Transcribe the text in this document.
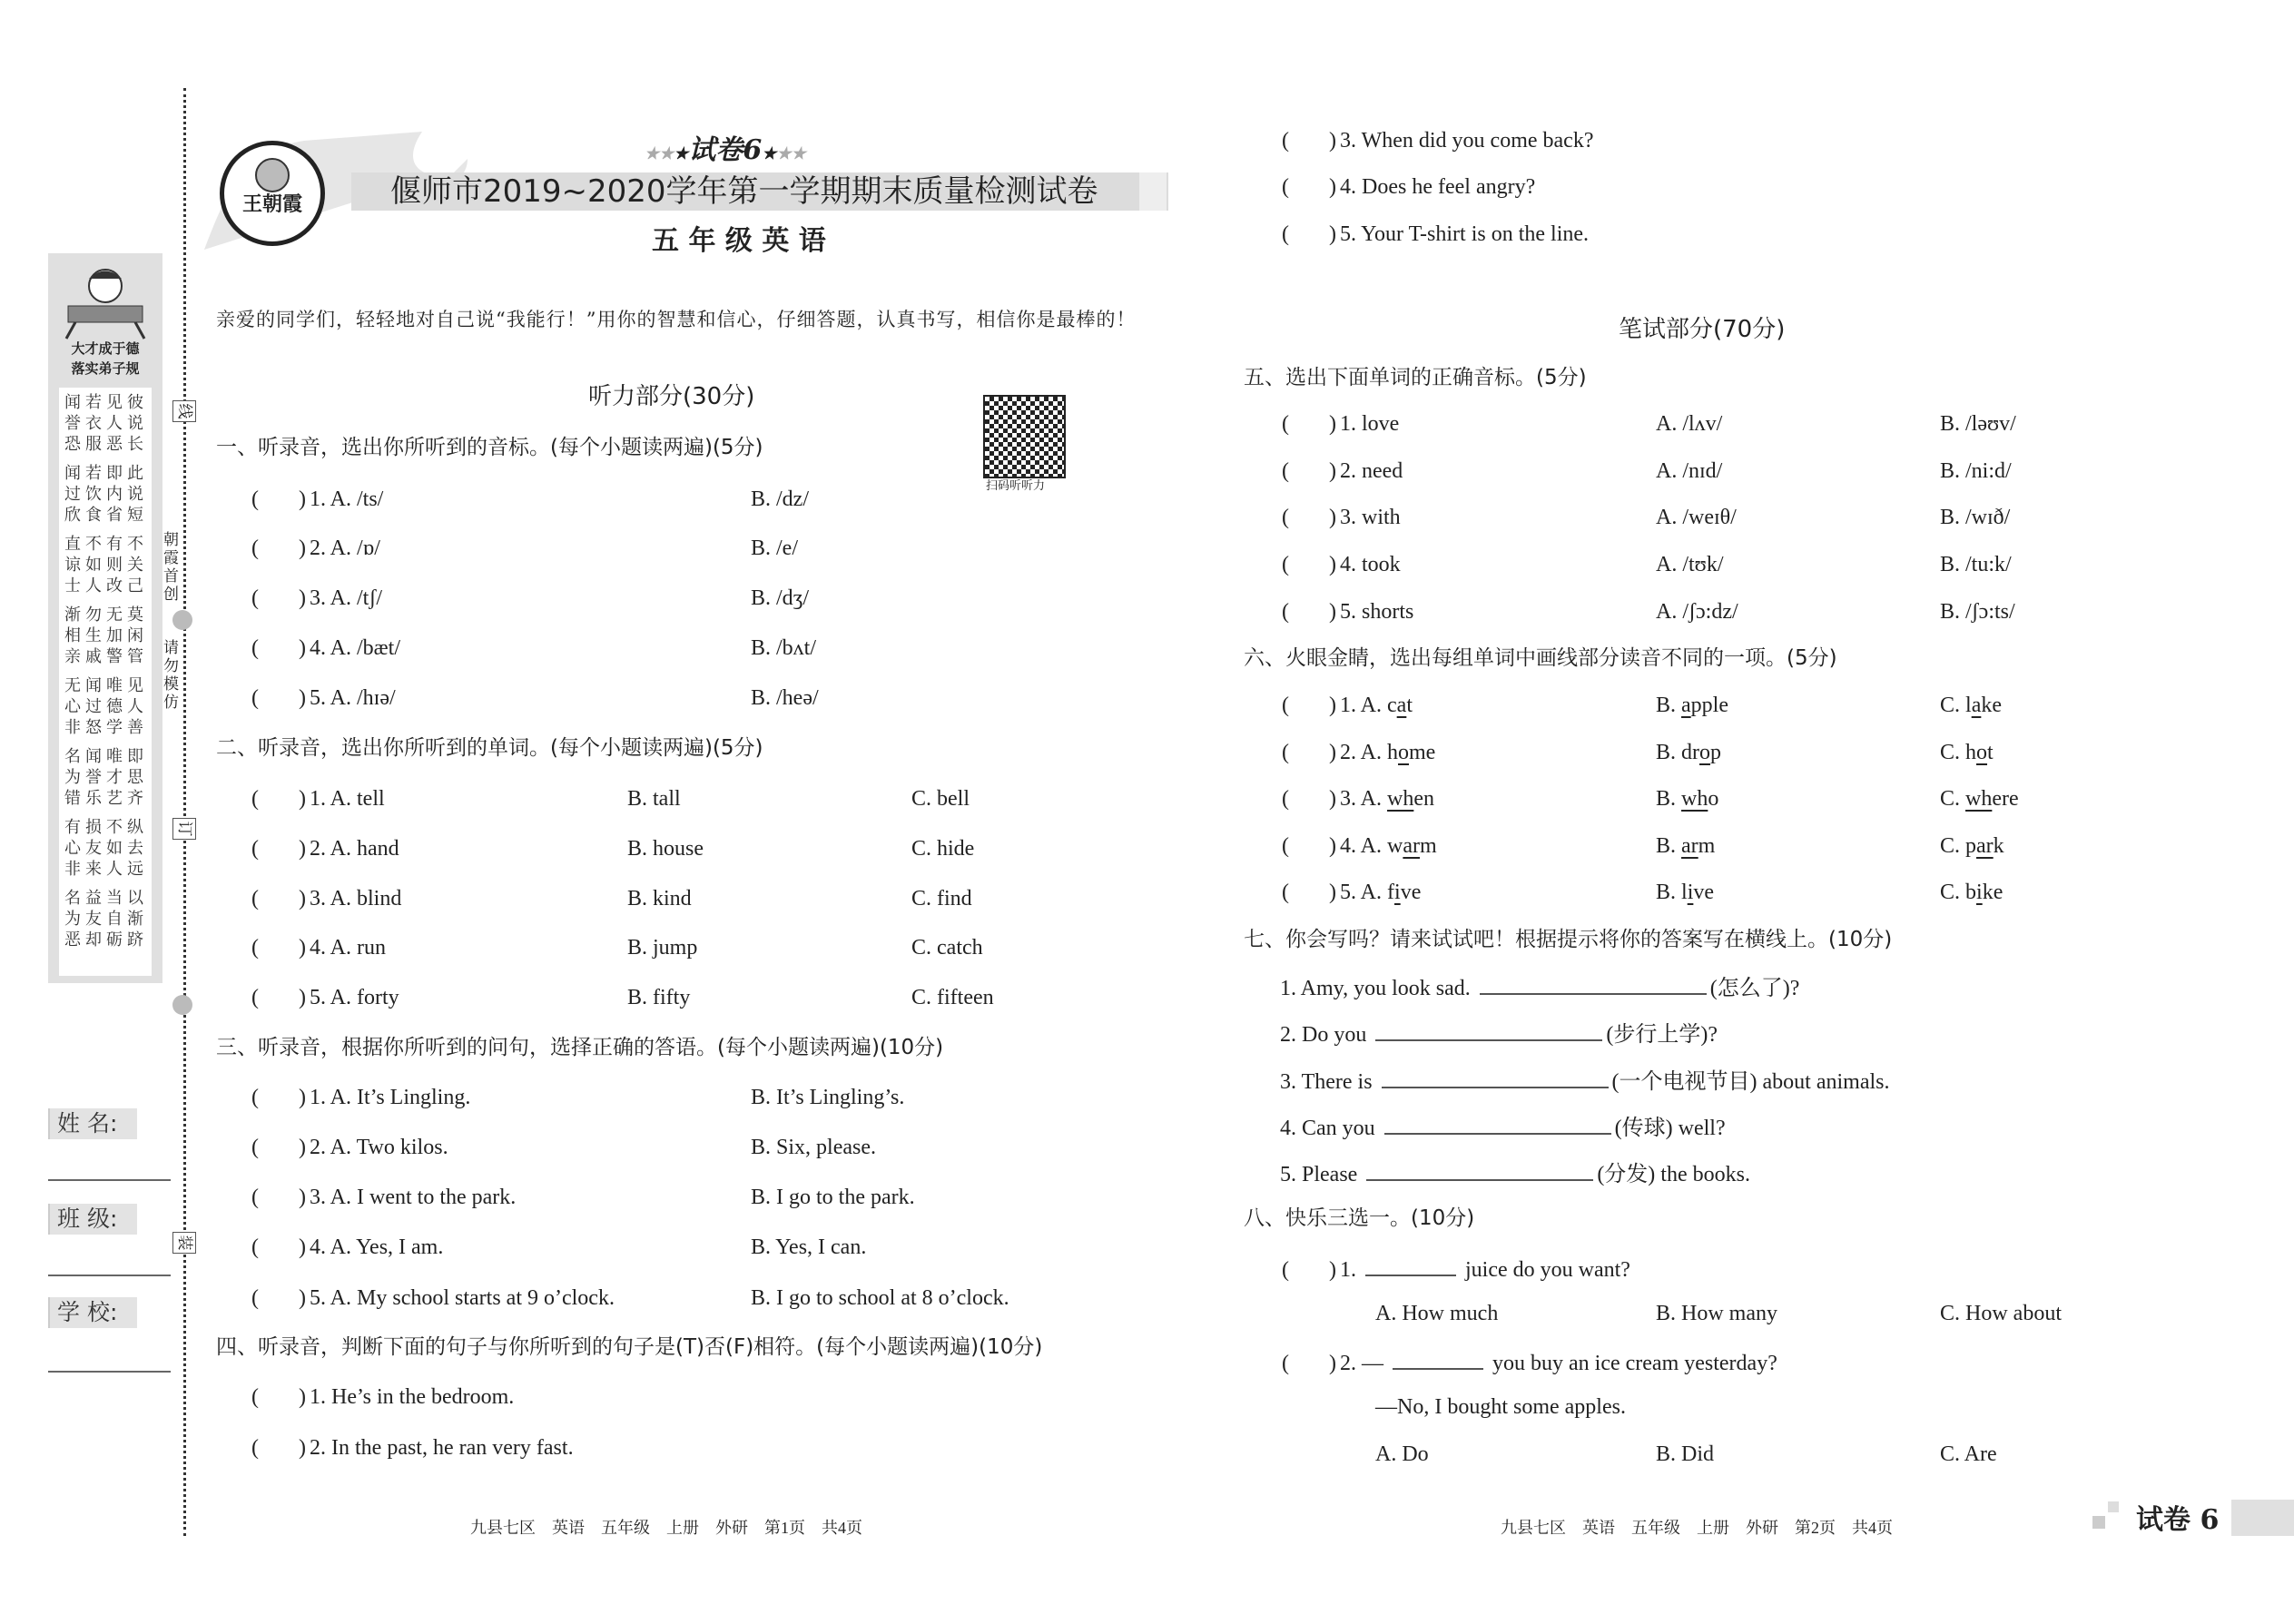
王朝霞
★★★试卷6★★★
偃师市2019~2020学年第一学期期末质量检测试卷
五 年 级 英 语
亲爱的同学们，轻轻地对自己说“我能行！”用你的智慧和信心，仔细答题，认真书写，相信你是最棒的！
扫码听听力
大才成于德
落实弟子规
闻 若 见 彼
誉 衣 人 说
恐 服 恶 长
闻 若 即 此
过 饮 内 说
欣 食 省 短
直 不 有 不
谅 如 则 关
士 人 改 己
渐 勿 无 莫
相 生 加 闲
亲 戚 警 管
无 闻 唯 见
心 过 德 人
非 怒 学 善
名 闻 唯 即
为 誉 才 思
错 乐 艺 齐
有 损 不 纵
心 友 如 去
非 来 人 远
名 益 当 以
为 友 自 渐
恶 却 砺 跻
线
订
装
朝霞首创
请勿模仿
姓 名:
班 级:
学 校:
听力部分(30分)
笔试部分(70分)
一、听录音，选出你所听到的音标。(每个小题读两遍)(5分)
( ) 1. A. /ts/	B. /dz/
( ) 2. A. /ɒ/	B. /e/
( ) 3. A. /tʃ/	B. /dʒ/
( ) 4. A. /bæt/	B. /bʌt/
( ) 5. A. /hɪə/	B. /heə/
二、听录音，选出你所听到的单词。(每个小题读两遍)(5分)
( ) 1. A. tell	B. tall	C. bell
( ) 2. A. hand	B. house	C. hide
( ) 3. A. blind	B. kind	C. find
( ) 4. A. run	B. jump	C. catch
( ) 5. A. forty	B. fifty	C. fifteen
三、听录音，根据你所听到的问句，选择正确的答语。(每个小题读两遍)(10分)
( ) 1. A. It’s Lingling.	B. It’s Lingling’s.
( ) 2. A. Two kilos.	B. Six, please.
( ) 3. A. I went to the park.	B. I go to the park.
( ) 4. A. Yes, I am.	B. Yes, I can.
( ) 5. A. My school starts at 9 o’clock.	B. I go to school at 8 o’clock.
四、听录音，判断下面的句子与你所听到的句子是(T)否(F)相符。(每个小题读两遍)(10分)
( ) 1. He’s in the bedroom.
( ) 2. In the past, he ran very fast.
( ) 3. When did you come back?
( ) 4. Does he feel angry?
( ) 5. Your T-shirt is on the line.
五、选出下面单词的正确音标。(5分)
( ) 1. love	A. /lʌv/	B. /ləʊv/
( ) 2. need	A. /nɪd/	B. /ni:d/
( ) 3. with	A. /weɪθ/	B. /wɪð/
( ) 4. took	A. /tʊk/	B. /tu:k/
( ) 5. shorts	A. /ʃɔ:dz/	B. /ʃɔ:ts/
六、火眼金睛，选出每组单词中画线部分读音不同的一项。(5分)
( ) 1. A. cat	B. apple	C. lake
( ) 2. A. home	B. drop	C. hot
( ) 3. A. when	B. who	C. where
( ) 4. A. warm	B. arm	C. park
( ) 5. A. five	B. live	C. bike
七、你会写吗？请来试试吧！根据提示将你的答案写在横线上。(10分)
1. Amy, you look sad.	(怎么了)?
2. Do you	(步行上学)?
3. There is	(一个电视节目) about animals.
4. Can you	(传球) well?
5. Please	(分发) the books.
八、快乐三选一。(10分)
( ) 1.	juice do you want?
A. How much	B. How many	C. How about
( ) 2. —	you buy an ice cream yesterday?
—No, I bought some apples.
A. Do	B. Did	C. Are
九县七区　英语　五年级　上册　外研　第1页　共4页	九县七区　英语　五年级　上册　外研　第2页　共4页	试卷 6
